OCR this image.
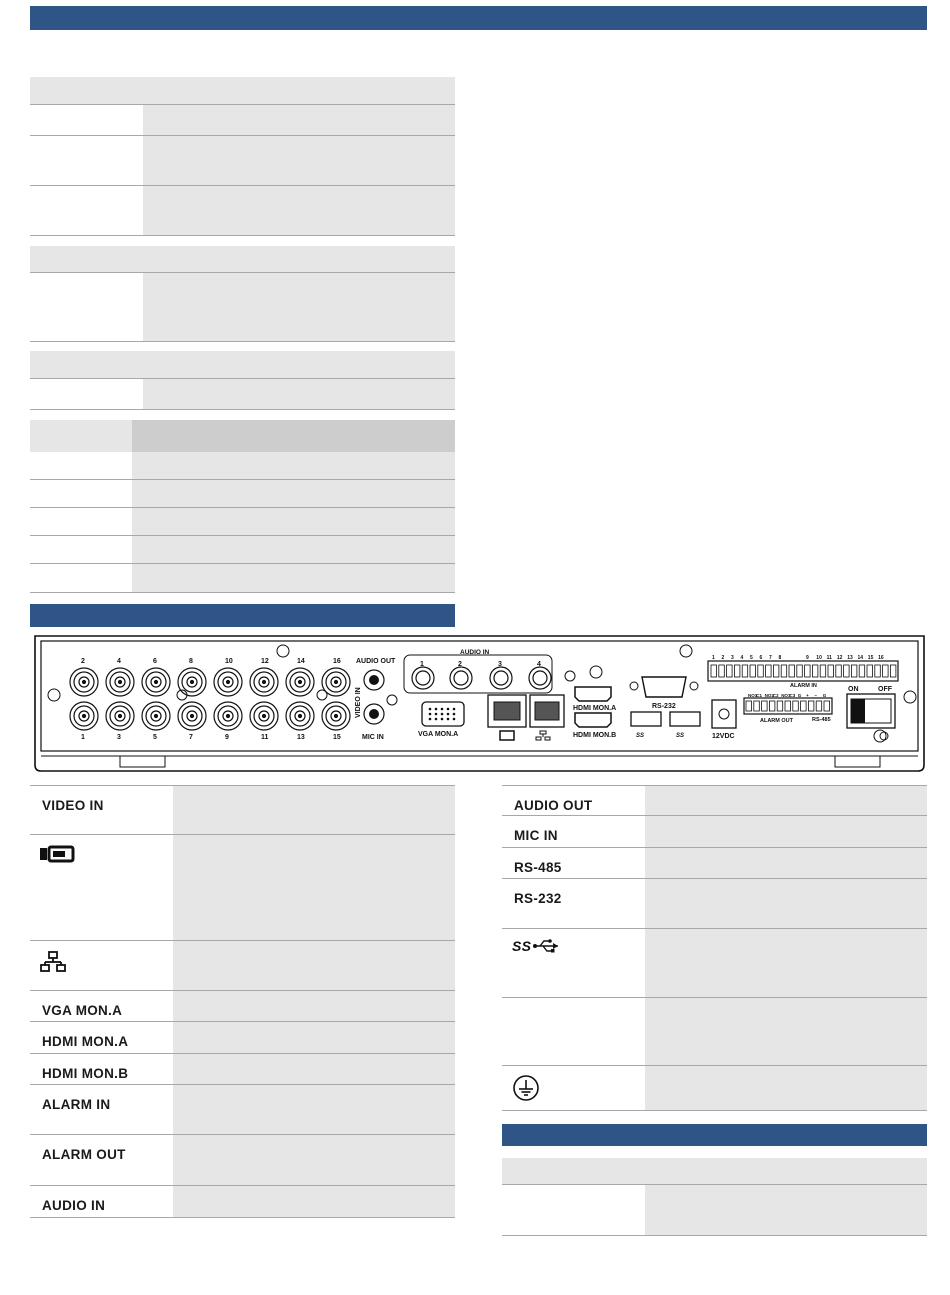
2	4	6	8	10	12	14	16
1	3	5	7	9	11	13	15
VIDEO IN
AUDIO OUT
MIC IN
AUDIO IN
1	2	3	4
VGA MON.A
HDMI MON.A
HDMI MON.B
RS-232
SS	SS	12VDC
ALARM IN
ALARM OUT	RS-485
1 2 3 4 5 6 7 8	9 10 11 12 13 14 15 16
NO1 C1 NO2 C2 NO3 C3 G + − G
ON	OFF
VIDEO IN
VGA MON.A
HDMI MON.A
HDMI MON.B
ALARM IN
ALARM OUT
AUDIO IN
AUDIO OUT
MIC IN
RS-485
RS-232
SS
